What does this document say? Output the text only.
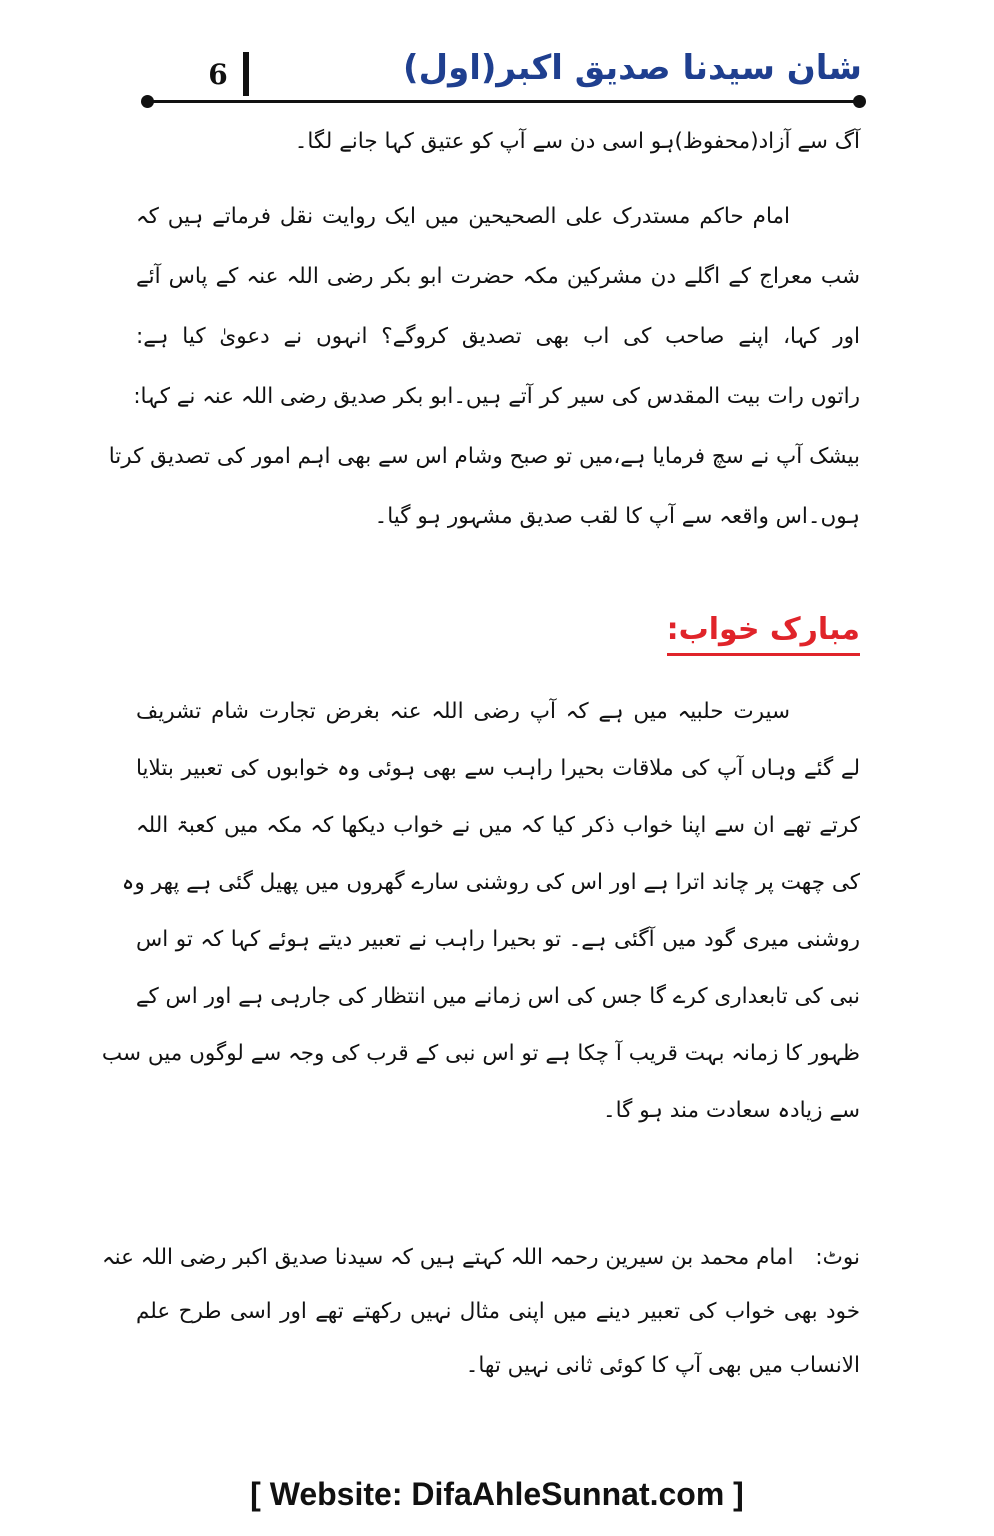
شان سیدنا صدیق اکبر(اول)
6
آگ سے آزاد(محفوظ)ہو اسی دن سے آپ کو عتیق کہا جانے لگا۔
امام حاکم مستدرک علی الصحیحین میں ایک روایت نقل فرماتے ہیں کہ
شب معراج کے اگلے دن مشرکین مکہ حضرت ابو بکر رضی اللہ عنہ کے پاس آئے
اور کہا، اپنے صاحب کی اب بھی تصدیق کروگے؟ انہوں نے دعویٰ کیا ہے:
راتوں رات بیت المقدس کی سیر کر آتے ہیں۔ابو بکر صدیق رضی اللہ عنہ نے کہا:
بیشک آپ نے سچ فرمایا ہے،میں تو صبح وشام اس سے بھی اہم امور کی تصدیق کرتا
ہوں۔اس واقعہ سے آپ کا لقب صدیق مشہور ہو گیا۔
مبارک خواب:
سیرت حلبیہ میں ہے کہ آپ رضی اللہ عنہ بغرض تجارت شام تشریف
لے گئے وہاں آپ کی ملاقات بحیرا راہب سے بھی ہوئی وہ خوابوں کی تعبیر بتلایا
کرتے تھے ان سے اپنا خواب ذکر کیا کہ میں نے خواب دیکھا کہ مکہ میں کعبۃ اللہ
کی چھت پر چاند اترا ہے اور اس کی روشنی سارے گھروں میں پھیل گئی ہے پھر وہ
روشنی میری گود میں آگئی ہے۔ تو بحیرا راہب نے تعبیر دیتے ہوئے کہا کہ تو اس
نبی کی تابعداری کرے گا جس کی اس زمانے میں انتظار کی جارہی ہے اور اس کے
ظہور کا زمانہ بہت قریب آ چکا ہے تو اس نبی کے قرب کی وجہ سے لوگوں میں سب
سے زیادہ سعادت مند ہو گا۔
نوٹ:امام محمد بن سیرین رحمہ اللہ کہتے ہیں کہ سیدنا صدیق اکبر رضی اللہ عنہ
خود بھی خواب کی تعبیر دینے میں اپنی مثال نہیں رکھتے تھے اور اسی طرح علم
الانساب میں بھی آپ کا کوئی ثانی نہیں تھا۔
[ Website: DifaAhleSunnat.com ]
